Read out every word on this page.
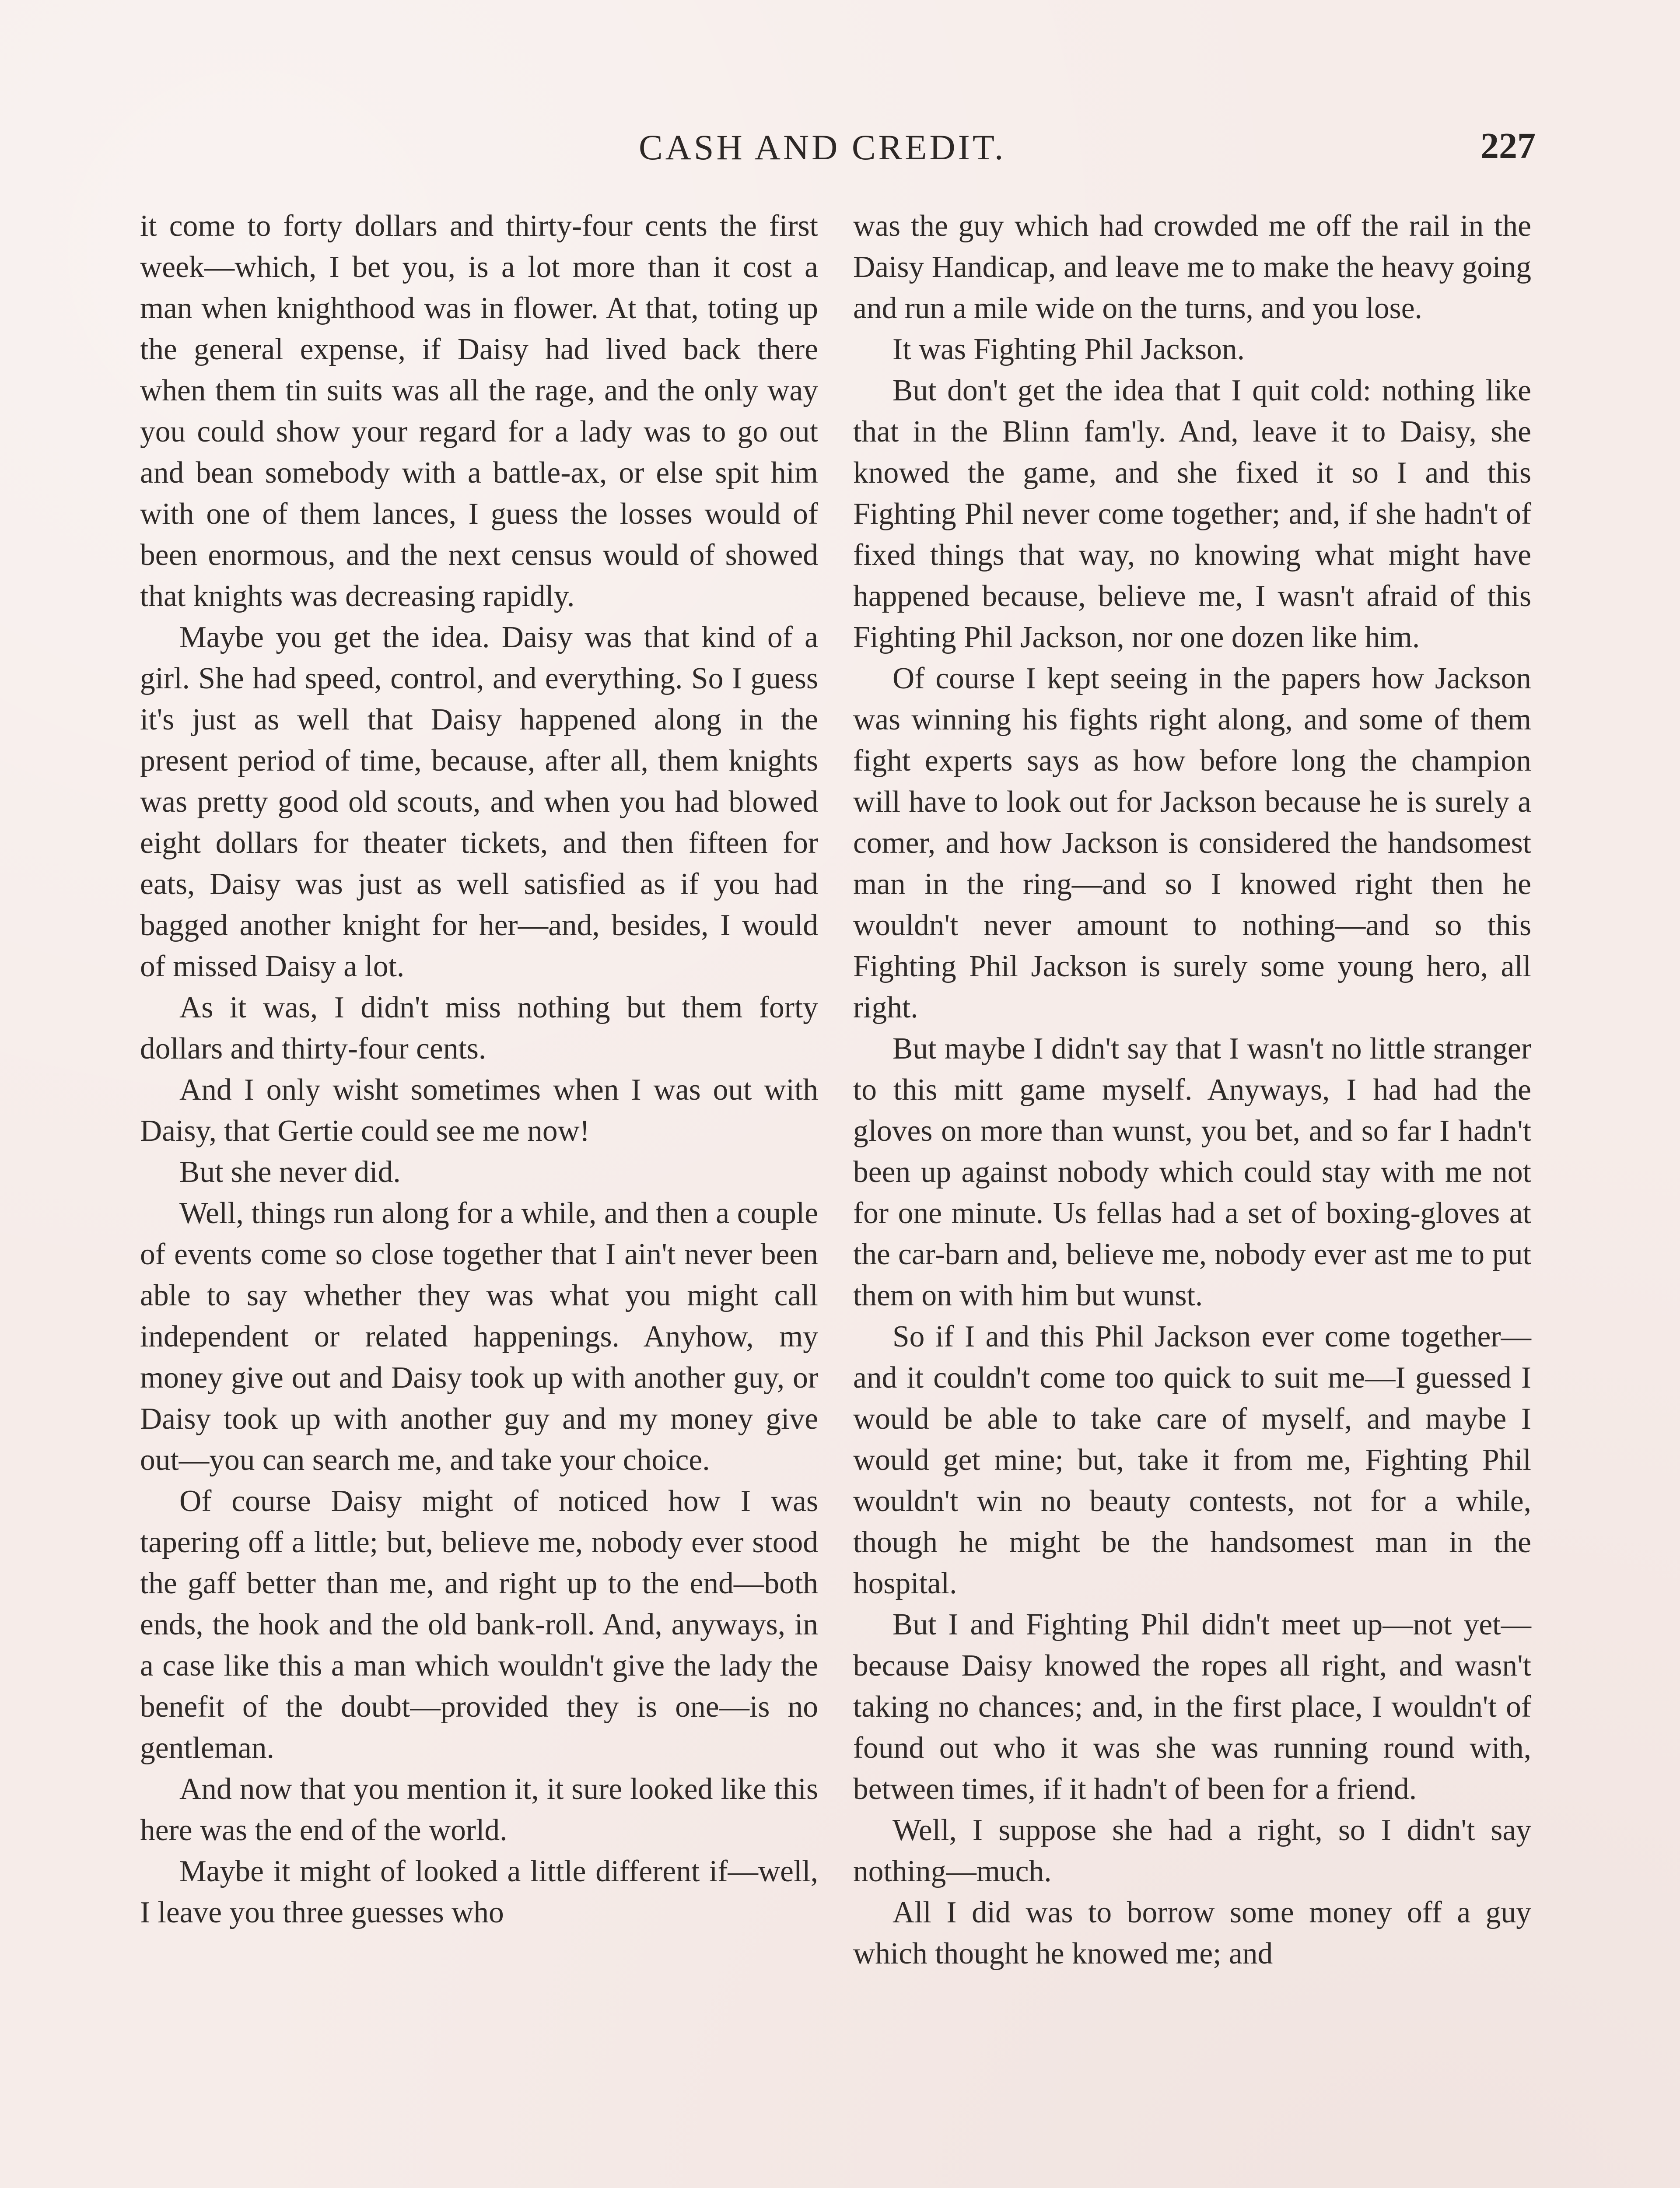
CASH AND CREDIT.	227

it come to forty dollars and thirty-four cents the first week—which, I bet you, is a lot more than it cost a man when knighthood was in flower. At that, toting up the general expense, if Daisy had lived back there when them tin suits was all the rage, and the only way you could show your regard for a lady was to go out and bean somebody with a battle-ax, or else spit him with one of them lances, I guess the losses would of been enormous, and the next census would of showed that knights was decreasing rapidly.

Maybe you get the idea. Daisy was that kind of a girl. She had speed, control, and everything. So I guess it's just as well that Daisy happened along in the present period of time, because, after all, them knights was pretty good old scouts, and when you had blowed eight dollars for theater tickets, and then fifteen for eats, Daisy was just as well satisfied as if you had bagged another knight for her—and, besides, I would of missed Daisy a lot.

As it was, I didn't miss nothing but them forty dollars and thirty-four cents.

And I only wisht sometimes when I was out with Daisy, that Gertie could see me now!

But she never did.

Well, things run along for a while, and then a couple of events come so close together that I ain't never been able to say whether they was what you might call independent or related happenings. Anyhow, my money give out and Daisy took up with another guy, or Daisy took up with another guy and my money give out—you can search me, and take your choice.

Of course Daisy might of noticed how I was tapering off a little; but, believe me, nobody ever stood the gaff better than me, and right up to the end—both ends, the hook and the old bank-roll. And, anyways, in a case like this a man which wouldn't give the lady the benefit of the doubt—provided they is one—is no gentleman.

And now that you mention it, it sure looked like this here was the end of the world.

Maybe it might of looked a little different if—well, I leave you three guesses who

was the guy which had crowded me off the rail in the Daisy Handicap, and leave me to make the heavy going and run a mile wide on the turns, and you lose.

It was Fighting Phil Jackson.

But don't get the idea that I quit cold: nothing like that in the Blinn fam'ly. And, leave it to Daisy, she knowed the game, and she fixed it so I and this Fighting Phil never come together; and, if she hadn't of fixed things that way, no knowing what might have happened because, believe me, I wasn't afraid of this Fighting Phil Jackson, nor one dozen like him.

Of course I kept seeing in the papers how Jackson was winning his fights right along, and some of them fight experts says as how before long the champion will have to look out for Jackson because he is surely a comer, and how Jackson is considered the handsomest man in the ring—and so I knowed right then he wouldn't never amount to nothing—and so this Fighting Phil Jackson is surely some young hero, all right.

But maybe I didn't say that I wasn't no little stranger to this mitt game myself. Anyways, I had had the gloves on more than wunst, you bet, and so far I hadn't been up against nobody which could stay with me not for one minute. Us fellas had a set of boxing-gloves at the car-barn and, believe me, nobody ever ast me to put them on with him but wunst.

So if I and this Phil Jackson ever come together—and it couldn't come too quick to suit me—I guessed I would be able to take care of myself, and maybe I would get mine; but, take it from me, Fighting Phil wouldn't win no beauty contests, not for a while, though he might be the handsomest man in the hospital.

But I and Fighting Phil didn't meet up—not yet—because Daisy knowed the ropes all right, and wasn't taking no chances; and, in the first place, I wouldn't of found out who it was she was running round with, between times, if it hadn't of been for a friend.

Well, I suppose she had a right, so I didn't say nothing—much.

All I did was to borrow some money off a guy which thought he knowed me; and
